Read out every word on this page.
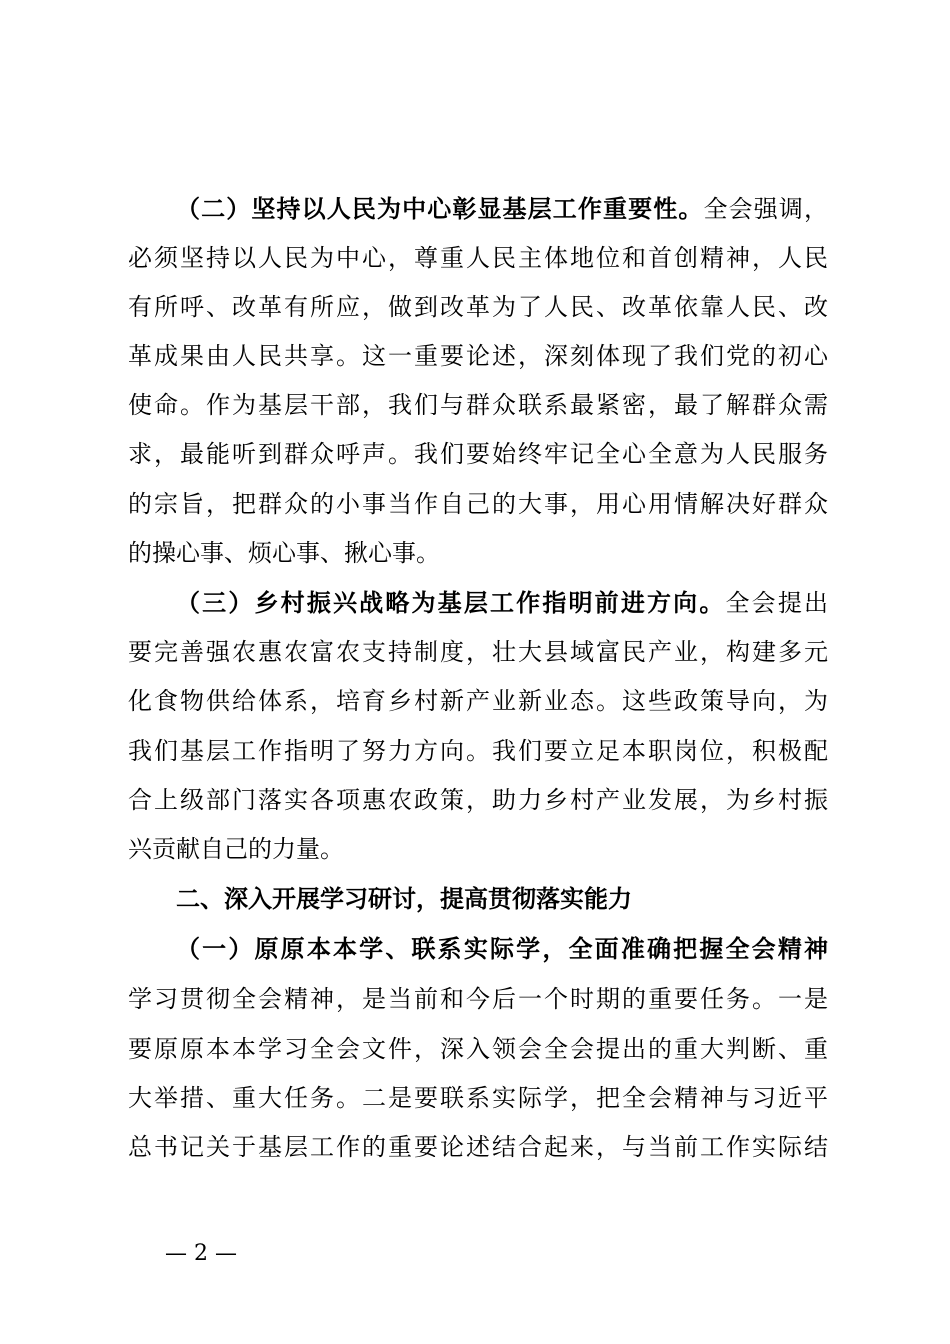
（二）坚持以人民为中心彰显基层工作重要性。全会强调，
必须坚持以人民为中心，尊重人民主体地位和首创精神，人民
有所呼、改革有所应，做到改革为了人民、改革依靠人民、改
革成果由人民共享。这一重要论述，深刻体现了我们党的初心
使命。作为基层干部，我们与群众联系最紧密，最了解群众需
求，最能听到群众呼声。我们要始终牢记全心全意为人民服务
的宗旨，把群众的小事当作自己的大事，用心用情解决好群众
的操心事、烦心事、揪心事。
（三）乡村振兴战略为基层工作指明前进方向。全会提出
要完善强农惠农富农支持制度，壮大县域富民产业，构建多元
化食物供给体系，培育乡村新产业新业态。这些政策导向，为
我们基层工作指明了努力方向。我们要立足本职岗位，积极配
合上级部门落实各项惠农政策，助力乡村产业发展，为乡村振
兴贡献自己的力量。
二、深入开展学习研讨，提高贯彻落实能力
（一）原原本本学、联系实际学，全面准确把握全会精神
学习贯彻全会精神，是当前和今后一个时期的重要任务。一是
要原原本本学习全会文件，深入领会全会提出的重大判断、重
大举措、重大任务。二是要联系实际学，把全会精神与习近平
总书记关于基层工作的重要论述结合起来，与当前工作实际结
— 2 —
